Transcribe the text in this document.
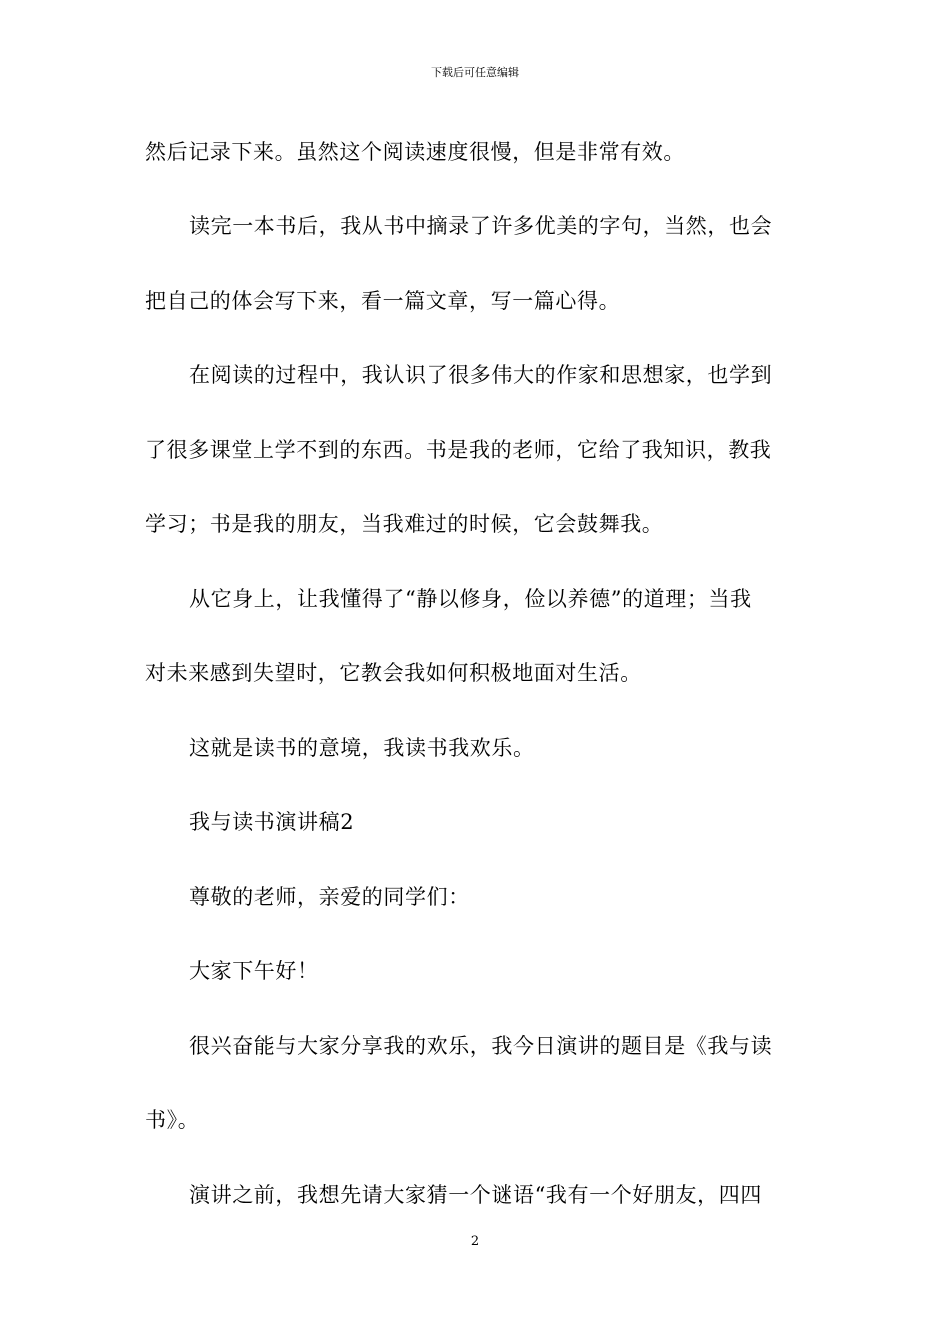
下载后可任意编辑
然后记录下来。虽然这个阅读速度很慢，但是非常有效。
读完一本书后，我从书中摘录了许多优美的字句，当然，也会
把自己的体会写下来，看一篇文章，写一篇心得。
在阅读的过程中，我认识了很多伟大的作家和思想家，也学到
了很多课堂上学不到的东西。书是我的老师，它给了我知识，教我
学习；书是我的朋友，当我难过的时候，它会鼓舞我。
从它身上，让我懂得了“静以修身，俭以养德”的道理；当我
对未来感到失望时，它教会我如何积极地面对生活。
这就是读书的意境，我读书我欢乐。
我与读书演讲稿2
尊敬的老师，亲爱的同学们：
大家下午好！
很兴奋能与大家分享我的欢乐，我今日演讲的题目是《我与读
书》。
演讲之前，我想先请大家猜一个谜语“我有一个好朋友，四四
2
